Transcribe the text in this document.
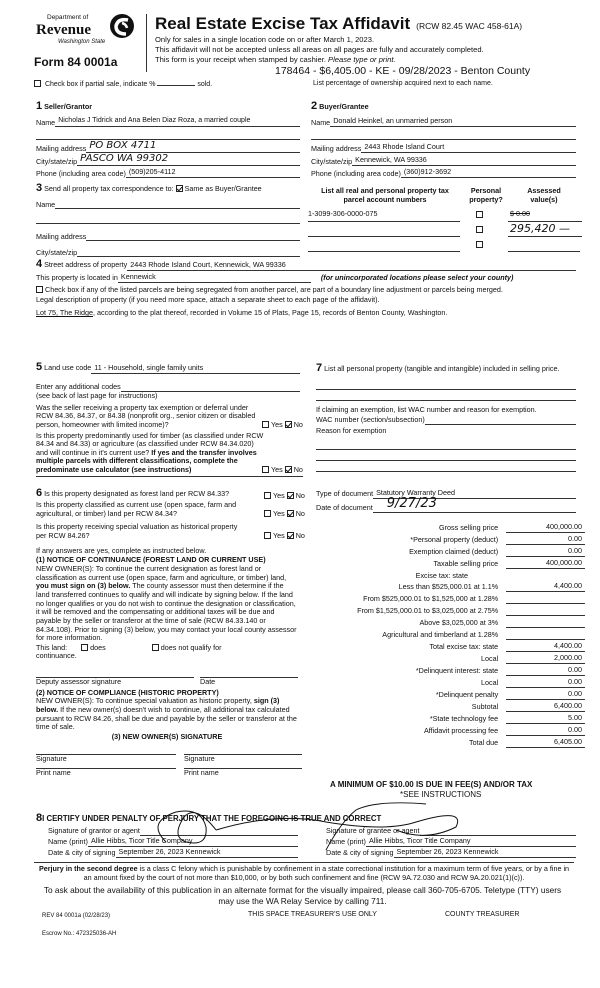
Department of
Revenue
Washington State
Form 84 0001a
Real Estate Excise Tax Affidavit (RCW 82.45 WAC 458-61A)
Only for sales in a single location code on or after March 1, 2023.
This affidavit will not be accepted unless all areas on all pages are fully and accurately completed.
This form is your receipt when stamped by cashier. Please type or print.
178464 - $6,405.00 - KE - 09/28/2023 - Benton County
Check box if partial sale, indicate %	sold.	List percentage of ownership acquired next to each name.
1 Seller/Grantor
Name Nicholas J Tidrick and Ana Belen Diaz Roza, a married couple
Mailing address PO BOX 4711
City/state/zip PASCO WA 99302
Phone (including area code) (509)205-4112
3 Send all property tax correspondence to: Same as Buyer/Grantee
Name
Mailing address
City/state/zip
2 Buyer/Grantee
Name Donald Heinkel, an unmarried person
Mailing address 2443 Rhode Island Court
City/state/zip Kennewick, WA 99336
Phone (including area code) (360)912-3692
List all real and personal property tax parcel account numbers
Personal property?
Assessed value(s)
1-3099-306-0000-075	$ 0.00
295,420 —
4 Street address of property 2443 Rhode Island Court, Kennewick, WA 99336
This property is located in Kennewick	(for unincorporated locations please select your county)
Check box if any of the listed parcels are being segregated from another parcel, are part of a boundary line adjustment or parcels being merged.
Legal description of property (if you need more space, attach a separate sheet to each page of the affidavit).
Lot 75, The Ridge, according to the plat thereof, recorded in Volume 15 of Plats, Page 15, records of Benton County, Washington.
5 Land use code 11 - Household, single family units
Enter any additional codes
(see back of last page for instructions)
Was the seller receiving a property tax exemption or deferral under RCW 84.36, 84.37, or 84.38 (nonprofit org., senior citizen or disabled person, homeowner with limited income)?	Yes No
Is this property predominantly used for timber (as classified under RCW 84.34 and 84.33) or agriculture (as classified under RCW 84.34.020) and will continue in it's current use? If yes and the transfer involves multiple parcels with different classifications, complete the predominate use calculator (see instructions)	Yes No
7 List all personal property (tangible and intangible) included in selling price.
If claiming an exemption, list WAC number and reason for exemption.
WAC number (section/subsection)
Reason for exemption
6 Is this property designated as forest land per RCW 84.33?	Yes No
Is this property classified as current use (open space, farm and agricultural, or timber) land per RCW 84.34?	Yes No
Is this property receiving special valuation as historical property per RCW 84.26?	Yes No
If any answers are yes, complete as instructed below.
(1) NOTICE OF CONTINUANCE (FOREST LAND OR CURRENT USE)
NEW OWNER(S): To continue the current designation as forest land or classification as current use (open space, farm and agriculture, or timber) land, you must sign on (3) below. The county assessor must then determine if the land transferred continues to qualify and will indicate by signing below. If the land no longer qualifies or you do not wish to continue the designation or classification, it will be removed and the compensating or additional taxes will be due and payable by the seller or transferor at the time of sale (RCW 84.33.140 or 84.34.108). Prior to signing (3) below, you may contact your local county assessor for more information.
This land:	does	does not qualify for
continuance.
Deputy assessor signature	Date
(2) NOTICE OF COMPLIANCE (HISTORIC PROPERTY)
NEW OWNER(S): To continue special valuation as historic property, sign (3) below. If the new owner(s) doesn't wish to continue, all additional tax calculated pursuant to RCW 84.26, shall be due and payable by the seller or transferor at the time of sale.
(3) NEW OWNER(S) SIGNATURE
Signature	Signature
Print name	Print name
Type of document Statutory Warranty Deed
Date of document	9/27/23
Gross selling price	400,000.00
*Personal property (deduct)	0.00
Exemption claimed (deduct)	0.00
Taxable selling price	400,000.00
Excise tax: state
Less than $525,000.01 at 1.1%	4,400.00
From $525,000.01 to $1,525,000 at 1.28%
From $1,525,000.01 to $3,025,000 at 2.75%
Above $3,025,000 at 3%
Agricultural and timberland at 1.28%
Total excise tax: state	4,400.00
Local	2,000.00
*Delinquent interest: state	0.00
Local	0.00
*Delinquent penalty	0.00
Subtotal	6,400.00
*State technology fee	5.00
Affidavit processing fee	0.00
Total due	6,405.00
A MINIMUM OF $10.00 IS DUE IN FEE(S) AND/OR TAX
*SEE INSTRUCTIONS
8I CERTIFY UNDER PENALTY OF PERJURY THAT THE FOREGOING IS TRUE AND CORRECT
Signature of grantor or agent
Name (print) Allie Hibbs, Ticor Title Company
Date & city of signing September 26, 2023 Kennewick
Signature of grantee or agent
Name (print) Allie Hibbs, Ticor Title Company
Date & city of signing September 26, 2023 Kennewick
Perjury in the second degree is a class C felony which is punishable by confinement in a state correctional institution for a maximum term of five years, or by a fine in an amount fixed by the court of not more than $10,000, or by both such confinement and fine (RCW 9A.72.030 and RCW 9A.20.021(1)(c)).
To ask about the availability of this publication in an alternate format for the visually impaired, please call 360-705-6705. Teletype (TTY) users may use the WA Relay Service by calling 711.
REV 84 0001a (02/28/23)	THIS SPACE TREASURER'S USE ONLY	COUNTY TREASURER
Escrow No.: 472325036-AH
